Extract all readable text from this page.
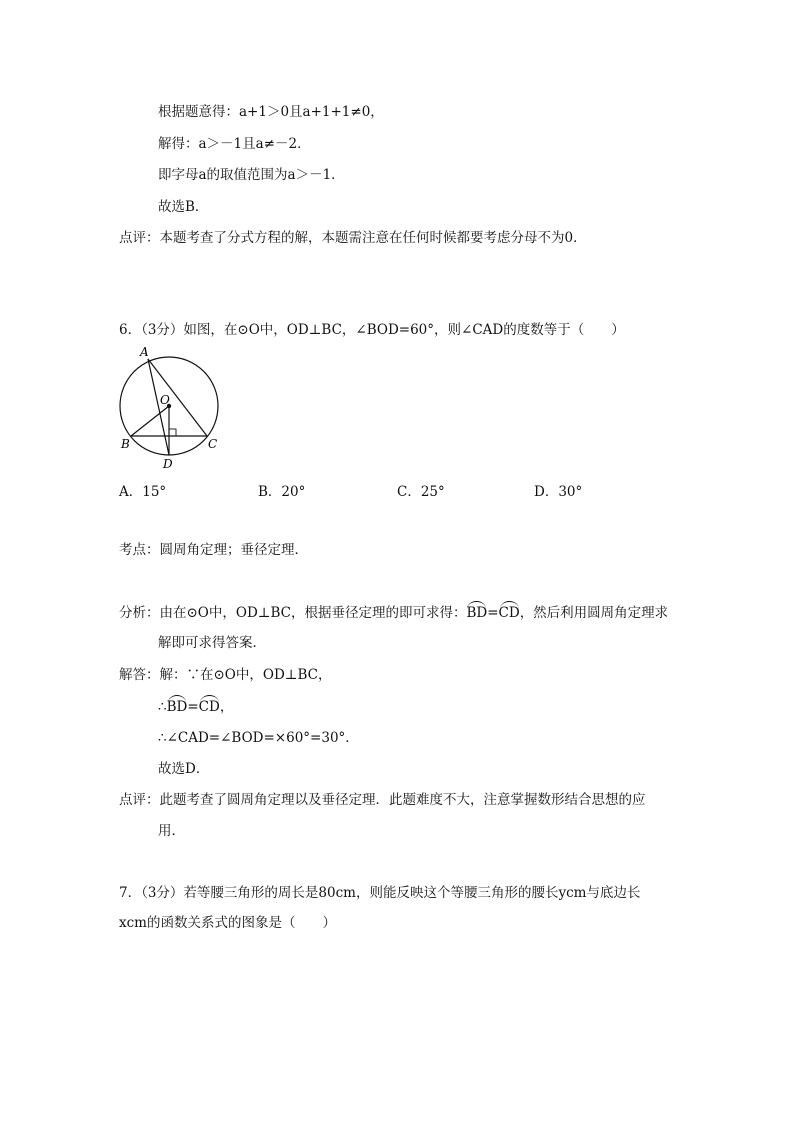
根据题意得：a+1＞0且a+1+1≠0，
解得：a＞－1且a≠－2．
即字母a的取值范围为a＞－1．
故选B．
点评：本题考查了分式方程的解，本题需注意在任何时候都要考虑分母不为0．
6．（3分）如图，在⊙O中，OD⊥BC，∠BOD=60°，则∠CAD的度数等于（　　）
A
O
B	C
D
A．15°	B．20°	C．25°	D．30°
考点：圆周角定理；垂径定理．
分析：由在⊙O中，OD⊥BC，根据垂径定理的即可求得：BD=CD，然后利用圆周角定理求
解即可求得答案．
解答：解：∵在⊙O中，OD⊥BC，
∴BD=CD，
∴∠CAD=∠BOD=×60°=30°．
故选D．
点评：此题考查了圆周角定理以及垂径定理．此题难度不大，注意掌握数形结合思想的应
用．
7．（3分）若等腰三角形的周长是80cm，则能反映这个等腰三角形的腰长ycm与底边长
xcm的函数关系式的图象是（　　）
